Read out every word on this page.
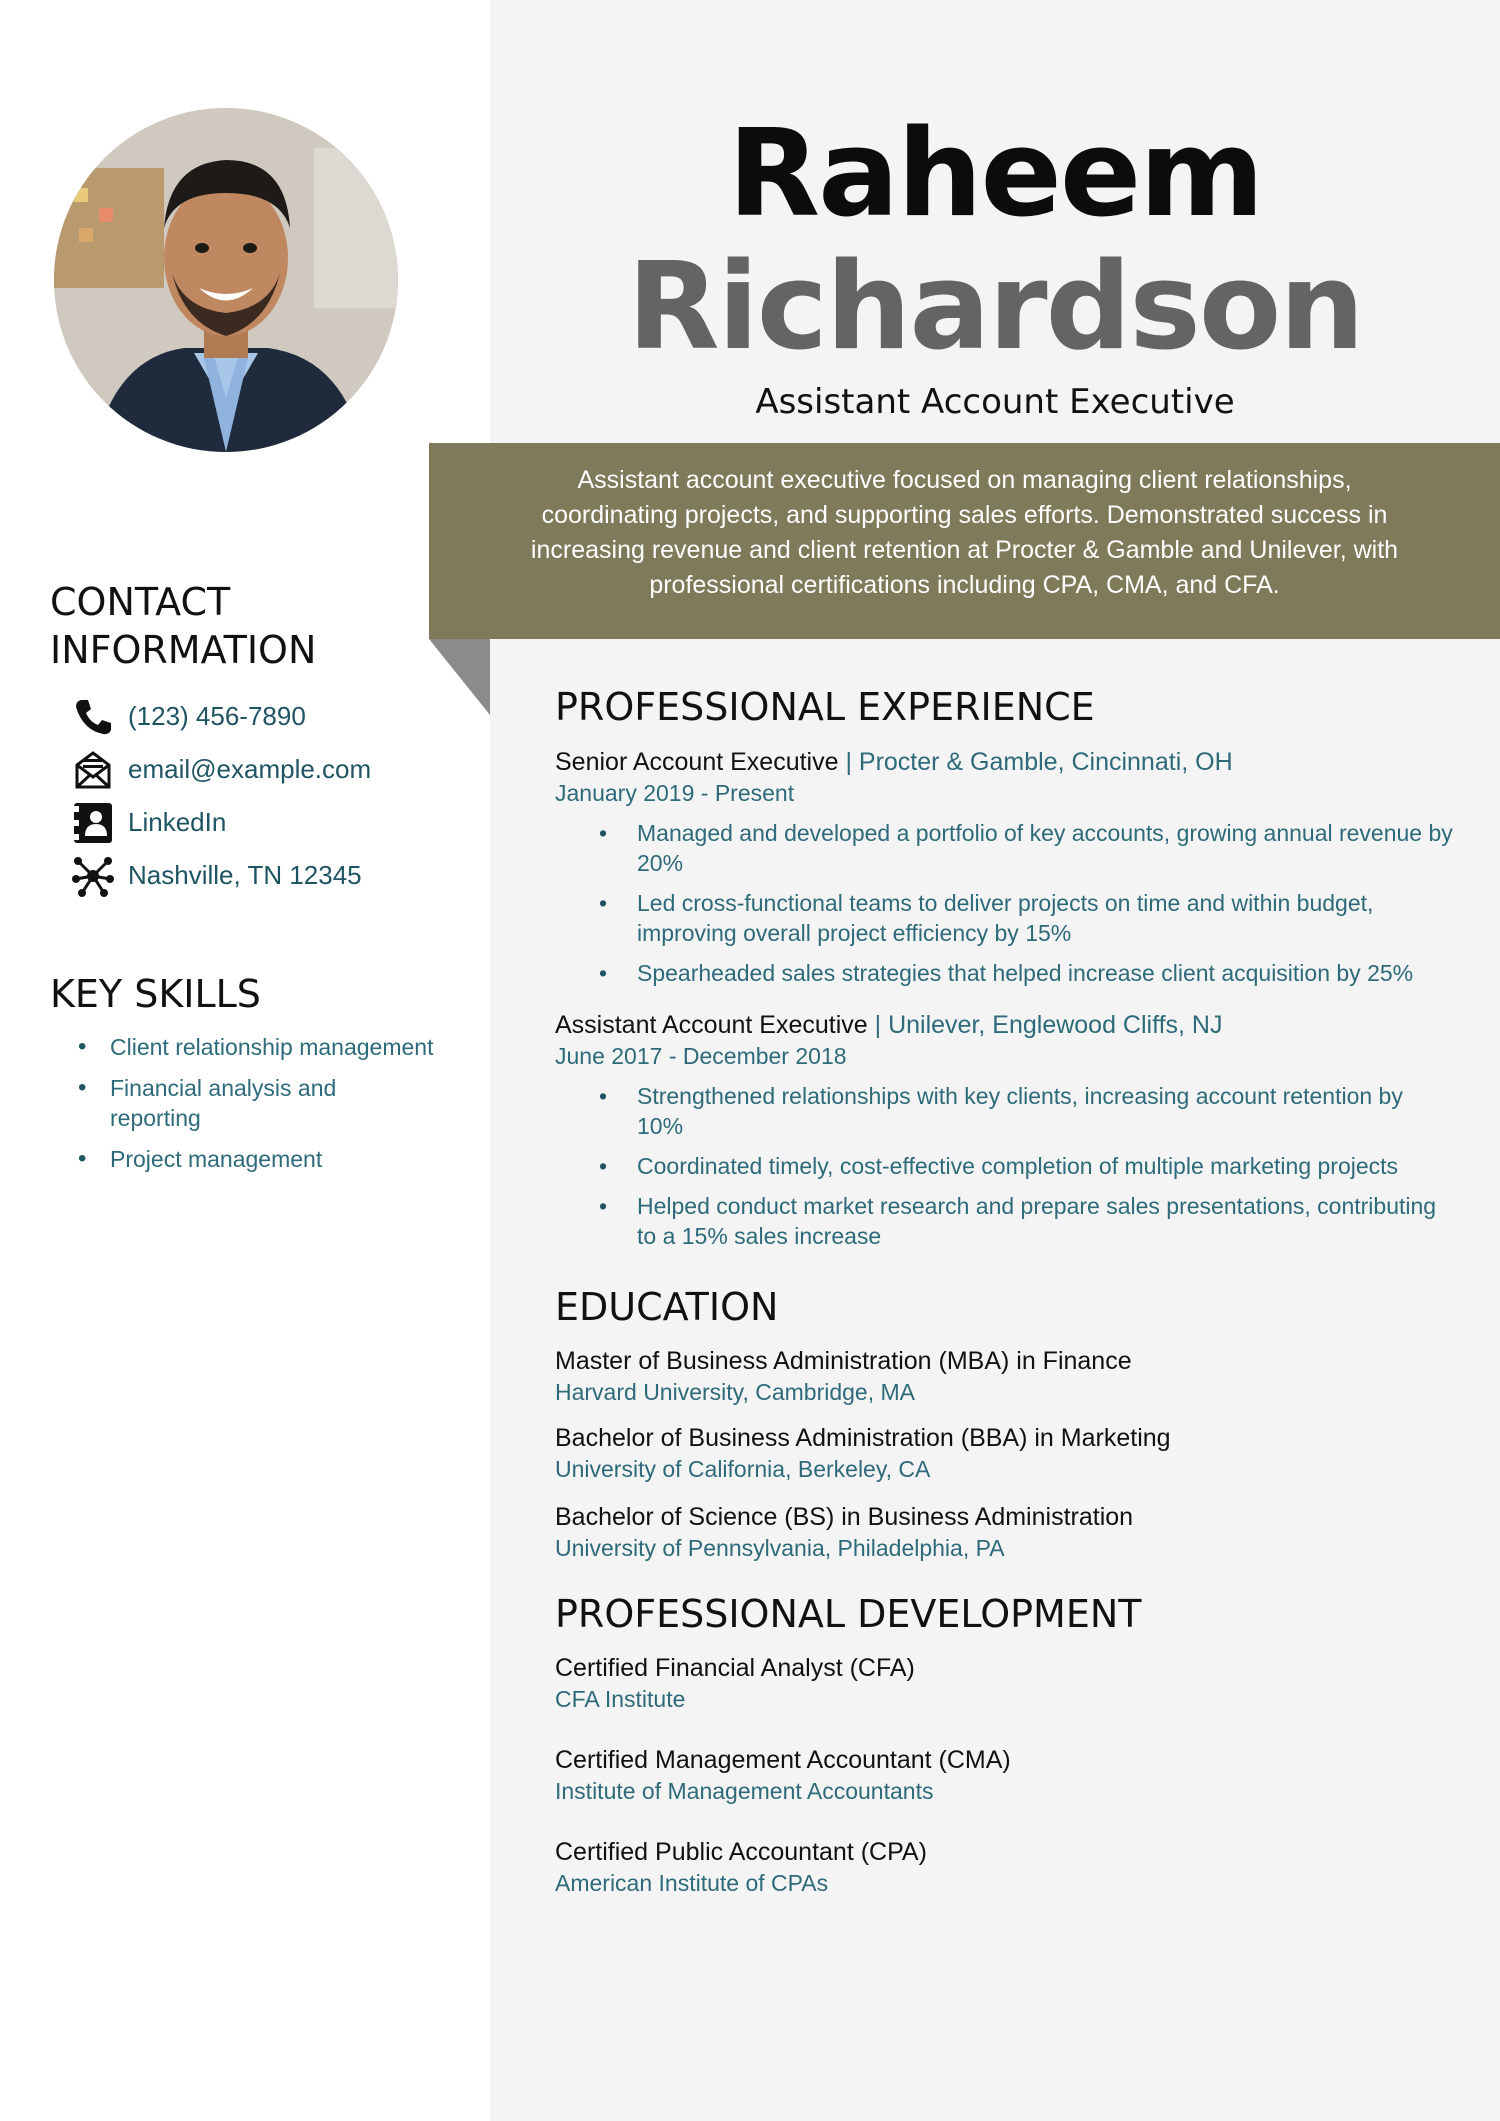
Raheem
Richardson
Assistant Account Executive

Assistant account executive focused on managing client relationships, coordinating projects, and supporting sales efforts. Demonstrated success in increasing revenue and client retention at Procter & Gamble and Unilever, with professional certifications including CPA, CMA, and CFA.

CONTACT
INFORMATION
(123) 456-7890
email@example.com
LinkedIn
Nashville, TN 12345
KEY SKILLS
• Client relationship management
• Financial analysis and reporting
• Project management
PROFESSIONAL EXPERIENCE
Senior Account Executive | Procter & Gamble, Cincinnati, OH
January 2019 - Present
• Managed and developed a portfolio of key accounts, growing annual revenue by 20%
• Led cross-functional teams to deliver projects on time and within budget, improving overall project efficiency by 15%
• Spearheaded sales strategies that helped increase client acquisition by 25%
Assistant Account Executive | Unilever, Englewood Cliffs, NJ
June 2017 - December 2018
• Strengthened relationships with key clients, increasing account retention by 10%
• Coordinated timely, cost-effective completion of multiple marketing projects
• Helped conduct market research and prepare sales presentations, contributing to a 15% sales increase
EDUCATION
Master of Business Administration (MBA) in Finance
Harvard University, Cambridge, MA
Bachelor of Business Administration (BBA) in Marketing
University of California, Berkeley, CA
Bachelor of Science (BS) in Business Administration
University of Pennsylvania, Philadelphia, PA
PROFESSIONAL DEVELOPMENT
Certified Financial Analyst (CFA)
CFA Institute
Certified Management Accountant (CMA)
Institute of Management Accountants
Certified Public Accountant (CPA)
American Institute of CPAs
